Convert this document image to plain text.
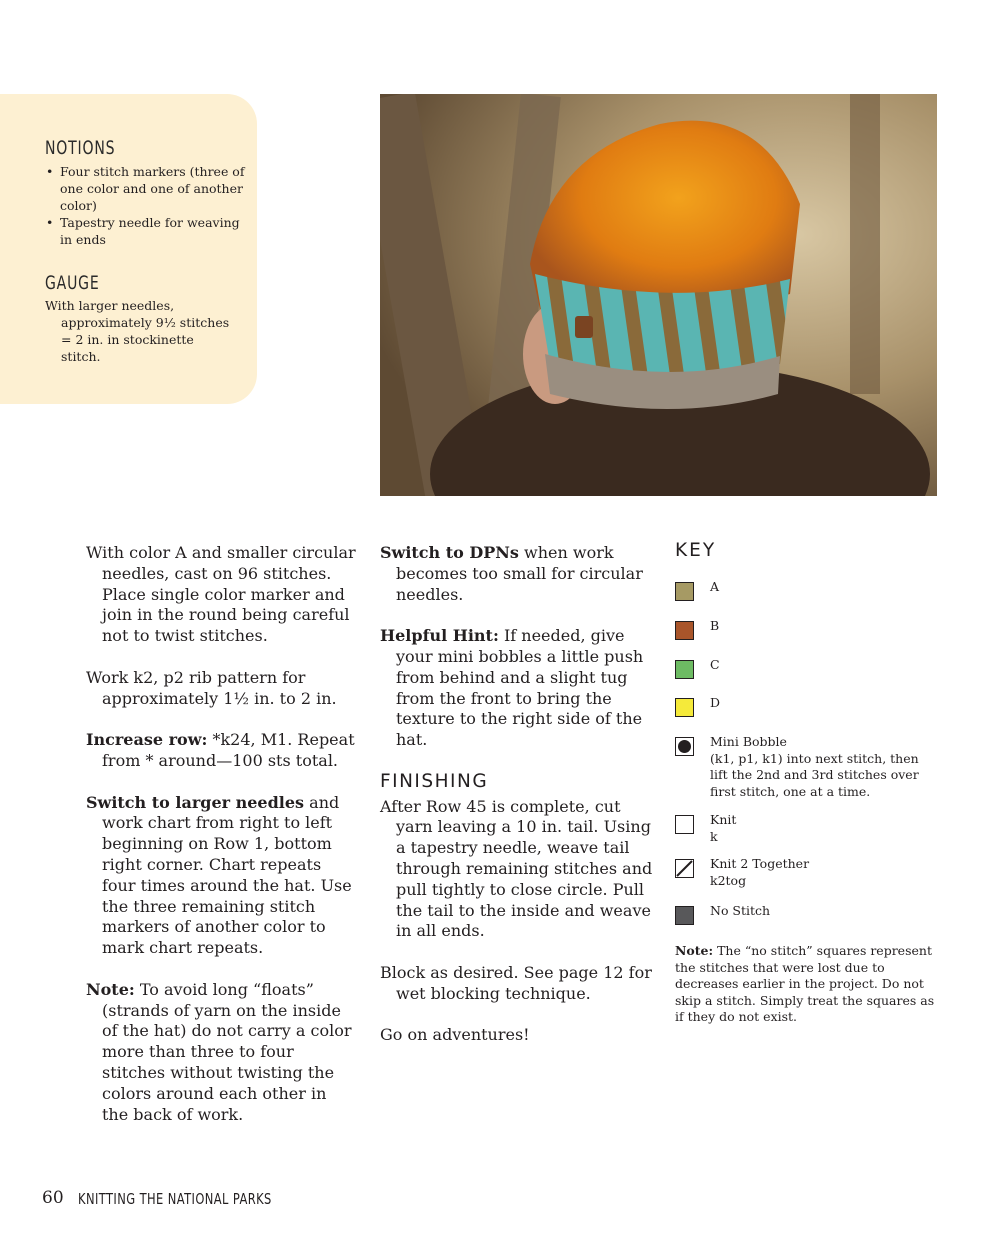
NOTIONS
• Four stitch markers (three of one color and one of another color)
• Tapestry needle for weaving in ends
GAUGE
With larger needles, approximately 9½ stitches = 2 in. in stockinette stitch.

With color A and smaller circular needles, cast on 96 stitches. Place single color marker and join in the round being careful not to twist stitches.

Work k2, p2 rib pattern for approximately 1½ in. to 2 in.

Increase row: *k24, M1. Repeat from * around—100 sts total.

Switch to larger needles and work chart from right to left beginning on Row 1, bottom right corner. Chart repeats four times around the hat. Use the three remaining stitch markers of another color to mark chart repeats.

Note: To avoid long “floats” (strands of yarn on the inside of the hat) do not carry a color more than three to four stitches without twisting the colors around each other in the back of work.

Switch to DPNs when work becomes too small for circular needles.

Helpful Hint: If needed, give your mini bobbles a little push from behind and a slight tug from the front to bring the texture to the right side of the hat.

FINISHING

After Row 45 is complete, cut yarn leaving a 10 in. tail. Using a tapestry needle, weave tail through remaining stitches and pull tightly to close circle. Pull the tail to the inside and weave in all ends.

Block as desired. See page 12 for wet blocking technique.

Go on adventures!

KEY
A
B
C
D
Mini Bobble
(k1, p1, k1) into next stitch, then lift the 2nd and 3rd stitches over first stitch, one at a time.
Knit
k
Knit 2 Together
k2tog
No Stitch
Note: The “no stitch” squares represent the stitches that were lost due to decreases earlier in the project. Do not skip a stitch. Simply treat the squares as if they do not exist.
60 KNITTING THE NATIONAL PARKS
